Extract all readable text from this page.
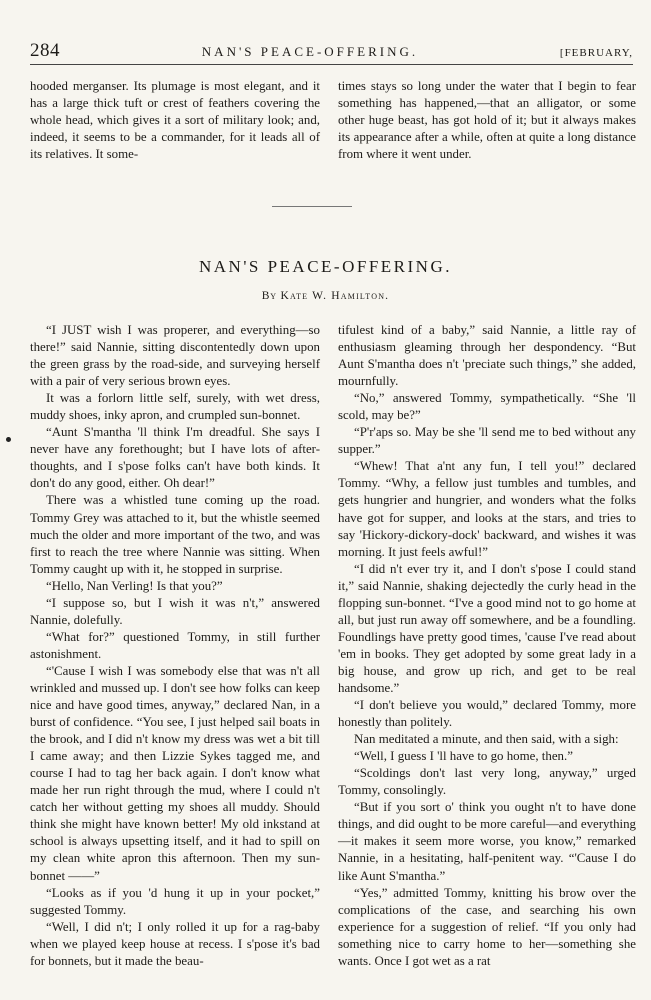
284	NAN'S PEACE-OFFERING.	[FEBRUARY,

hooded merganser. Its plumage is most elegant, and it has a large thick tuft or crest of feathers covering the whole head, which gives it a sort of military look; and, indeed, it seems to be a commander, for it leads all of its relatives. It some-

times stays so long under the water that I begin to fear something has happened,—that an alligator, or some other huge beast, has got hold of it; but it always makes its appearance after a while, often at quite a long distance from where it went under.

NAN'S PEACE-OFFERING.
By Kate W. Hamilton.

“I JUST wish I was properer, and everything—so there!” said Nannie, sitting discontentedly down upon the green grass by the road-side, and surveying herself with a pair of very serious brown eyes.

It was a forlorn little self, surely, with wet dress, muddy shoes, inky apron, and crumpled sun-bonnet.

“Aunt S'mantha 'll think I'm dreadful. She says I never have any forethought; but I have lots of after-thoughts, and I s'pose folks can't have both kinds. It don't do any good, either. Oh dear!”

There was a whistled tune coming up the road. Tommy Grey was attached to it, but the whistle seemed much the older and more important of the two, and was first to reach the tree where Nannie was sitting. When Tommy caught up with it, he stopped in surprise.

“Hello, Nan Verling! Is that you?”

“I suppose so, but I wish it was n't,” answered Nannie, dolefully.

“What for?” questioned Tommy, in still further astonishment.

“'Cause I wish I was somebody else that was n't all wrinkled and mussed up. I don't see how folks can keep nice and have good times, anyway,” declared Nan, in a burst of confidence. “You see, I just helped sail boats in the brook, and I did n't know my dress was wet a bit till I came away; and then Lizzie Sykes tagged me, and course I had to tag her back again. I don't know what made her run right through the mud, where I could n't catch her without getting my shoes all muddy. Should think she might have known better! My old inkstand at school is always upsetting itself, and it had to spill on my clean white apron this afternoon. Then my sun-bonnet ——”

“Looks as if you 'd hung it up in your pocket,” suggested Tommy.

“Well, I did n't; I only rolled it up for a rag-baby when we played keep house at recess. I s'pose it's bad for bonnets, but it made the beau-

tifulest kind of a baby,” said Nannie, a little ray of enthusiasm gleaming through her despondency. “But Aunt S'mantha does n't 'preciate such things,” she added, mournfully.

“No,” answered Tommy, sympathetically. “She 'll scold, may be?”

“P'r'aps so. May be she 'll send me to bed without any supper.”

“Whew! That a'nt any fun, I tell you!” declared Tommy. “Why, a fellow just tumbles and tumbles, and gets hungrier and hungrier, and wonders what the folks have got for supper, and looks at the stars, and tries to say 'Hickory-dickory-dock' backward, and wishes it was morning. It just feels awful!”

“I did n't ever try it, and I don't s'pose I could stand it,” said Nannie, shaking dejectedly the curly head in the flopping sun-bonnet. “I've a good mind not to go home at all, but just run away off somewhere, and be a foundling. Foundlings have pretty good times, 'cause I've read about 'em in books. They get adopted by some great lady in a big house, and grow up rich, and get to be real handsome.”

“I don't believe you would,” declared Tommy, more honestly than politely.

Nan meditated a minute, and then said, with a sigh:

“Well, I guess I 'll have to go home, then.”

“Scoldings don't last very long, anyway,” urged Tommy, consolingly.

“But if you sort o' think you ought n't to have done things, and did ought to be more careful—and everything—it makes it seem more worse, you know,” remarked Nannie, in a hesitating, half-penitent way. “'Cause I do like Aunt S'mantha.”

“Yes,” admitted Tommy, knitting his brow over the complications of the case, and searching his own experience for a suggestion of relief. “If you only had something nice to carry home to her—something she wants. Once I got wet as a rat
